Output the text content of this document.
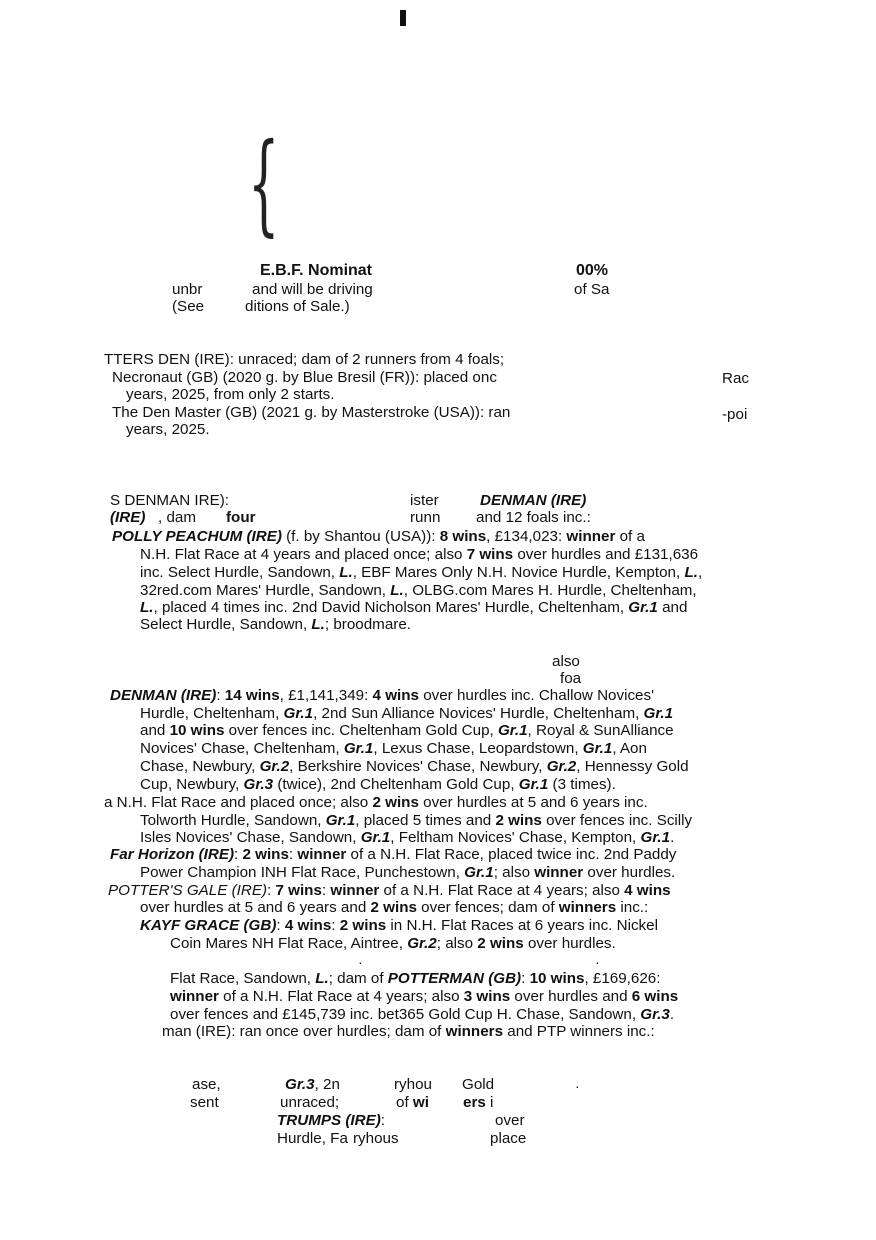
{
E.B.F. Nominat	00%
unbr	and will be driving	of Sa
(See	ditions of Sale.)
TTERS DEN (IRE): unraced; dam of 2 runners from 4 foals;
Necronaut (GB) (2020 g. by Blue Bresil (FR)): placed onc	Rac
years, 2025, from only 2 starts.
The Den Master (GB) (2021 g. by Masterstroke (USA)): ran	-poi
years, 2025.
S DENMAN IRE):	ister	DENMAN (IRE)
(IRE) , dam four	runn and 12 foals inc.:
POLLY PEACHUM (IRE) (f. by Shantou (USA)): 8 wins, £134,023: winner of a
N.H. Flat Race at 4 years and placed once; also 7 wins over hurdles and £131,636
inc. Select Hurdle, Sandown, L., EBF Mares Only N.H. Novice Hurdle, Kempton, L.,
32red.com Mares' Hurdle, Sandown, L., OLBG.com Mares H. Hurdle, Cheltenham,
L., placed 4 times inc. 2nd David Nicholson Mares' Hurdle, Cheltenham, Gr.1 and
Select Hurdle, Sandown, L.; broodmare.
also
foa
DENMAN (IRE): 14 wins, £1,141,349: 4 wins over hurdles inc. Challow Novices'
Hurdle, Cheltenham, Gr.1, 2nd Sun Alliance Novices' Hurdle, Cheltenham, Gr.1
and 10 wins over fences inc. Cheltenham Gold Cup, Gr.1, Royal & SunAlliance
Novices' Chase, Cheltenham, Gr.1, Lexus Chase, Leopardstown, Gr.1, Aon
Chase, Newbury, Gr.2, Berkshire Novices' Chase, Newbury, Gr.2, Hennessy Gold
Cup, Newbury, Gr.3 (twice), 2nd Cheltenham Gold Cup, Gr.1 (3 times).
a N.H. Flat Race and placed once; also 2 wins over hurdles at 5 and 6 years inc.
Tolworth Hurdle, Sandown, Gr.1, placed 5 times and 2 wins over fences inc. Scilly
Isles Novices' Chase, Sandown, Gr.1, Feltham Novices' Chase, Kempton, Gr.1.
Far Horizon (IRE): 2 wins: winner of a N.H. Flat Race, placed twice inc. 2nd Paddy
Power Champion INH Flat Race, Punchestown, Gr.1; also winner over hurdles.
POTTER'S GALE (IRE): 7 wins: winner of a N.H. Flat Race at 4 years; also 4 wins
over hurdles at 5 and 6 years and 2 wins over fences; dam of winners inc.:
KAYF GRACE (GB): 4 wins: 2 wins in N.H. Flat Races at 6 years inc. Nickel
Coin Mares NH Flat Race, Aintree, Gr.2; also 2 wins over hurdles.
·	·
Flat Race, Sandown, L.; dam of POTTERMAN (GB): 10 wins, £169,626:
winner of a N.H. Flat Race at 4 years; also 3 wins over hurdles and 6 wins
over fences and £145,739 inc. bet365 Gold Cup H. Chase, Sandown, Gr.3.
man (IRE): ran once over hurdles; dam of winners and PTP winners inc.:
ase,	Gr.3, 2n	ryhou Gold	·
sent	unraced;	of wi ers i
TRUMPS (IRE):	over
Hurdle, Fa ryhous	place
